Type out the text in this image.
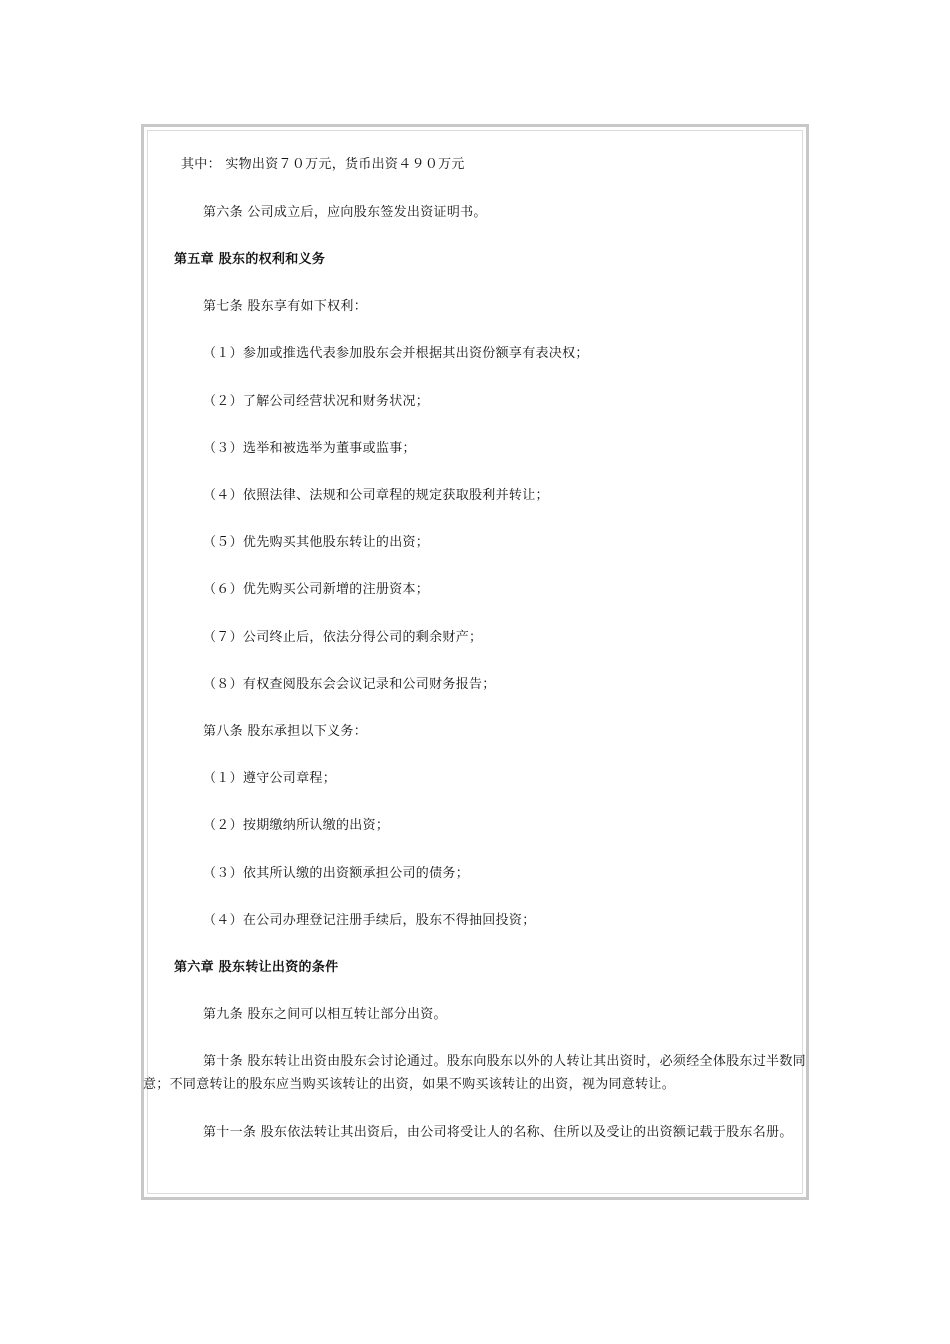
其中： 实物出资７０万元，货币出资４９０万元
第六条 公司成立后，应向股东签发出资证明书。
第五章 股东的权利和义务
第七条 股东享有如下权利：
（１）参加或推选代表参加股东会并根据其出资份额享有表决权；
（２）了解公司经营状况和财务状况；
（３）选举和被选举为董事或监事；
（４）依照法律、法规和公司章程的规定获取股利并转让；
（５）优先购买其他股东转让的出资；
（６）优先购买公司新增的注册资本；
（７）公司终止后，依法分得公司的剩余财产；
（８）有权查阅股东会会议记录和公司财务报告；
第八条 股东承担以下义务：
（１）遵守公司章程；
（２）按期缴纳所认缴的出资；
（３）依其所认缴的出资额承担公司的债务；
（４）在公司办理登记注册手续后，股东不得抽回投资；
第六章 股东转让出资的条件
第九条 股东之间可以相互转让部分出资。
第十条 股东转让出资由股东会讨论通过。股东向股东以外的人转让其出资时，必须经全体股东过半数同意；不同意转让的股东应当购买该转让的出资，如果不购买该转让的出资，视为同意转让。
第十一条 股东依法转让其出资后，由公司将受让人的名称、住所以及受让的出资额记载于股东名册。
